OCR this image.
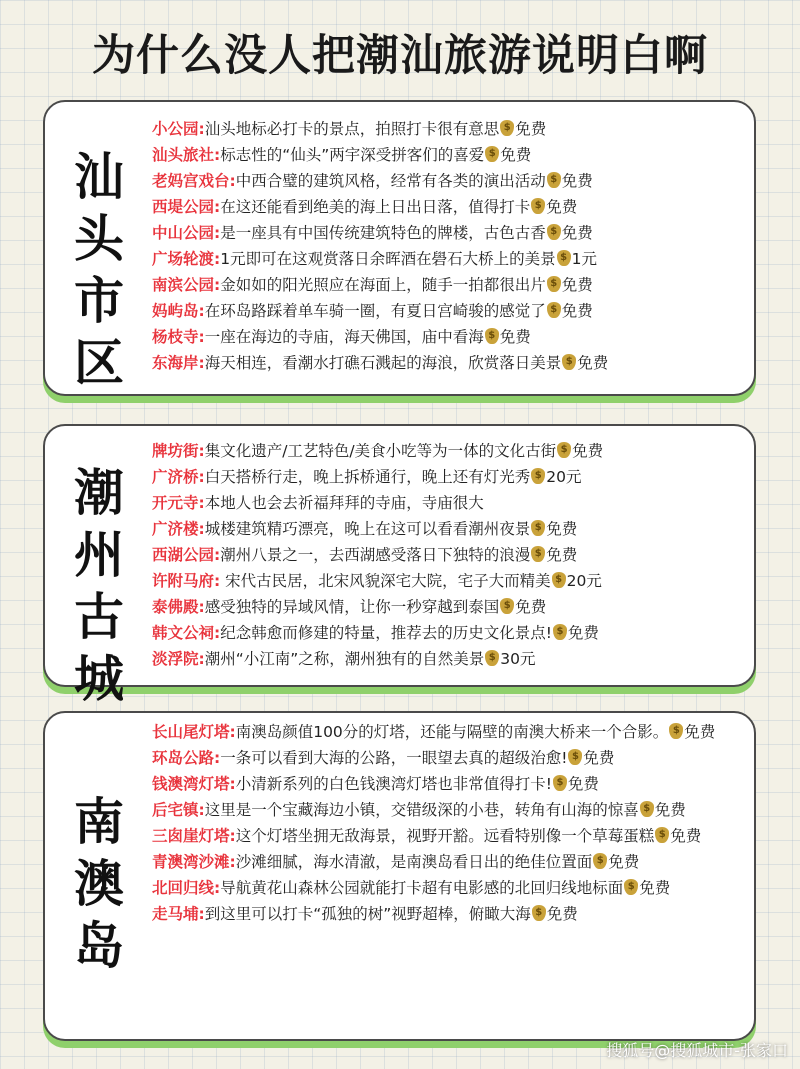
为什么没人把潮汕旅游说明白啊
汕
头
市
区
小公园:汕头地标必打卡的景点，拍照打卡很有意思 $ 免费
汕头旅社:标志性的“仙头”两宇深受拼客们的喜爱 $ 免费
老妈宫戏台:中西合璧的建筑风格，经常有各类的演出活动 $ 免费
西堤公园:在这还能看到绝美的海上日出日落，值得打卡 $ 免费
中山公园:是一座具有中国传统建筑特色的牌楼，古色古香 $ 免费
广场轮渡:1元即可在这观赏落日余晖酒在礐石大桥上的美景 $ 1元
南滨公园:金如如的阳光照应在海面上，随手一拍都很出片 $ 免费
妈屿岛:在环岛路踩着单车骑一圈，有夏日宫崎骏的感觉了 $ 免费
杨枝寺:一座在海边的寺庙，海天佛国，庙中看海 $ 免费
东海岸:海天相连，看潮水打礁石溅起的海浪，欣赏落日美景 $ 免费
潮
州
古
城
牌坊街:集文化遗产/工艺特色/美食小吃等为一体的文化古街 $ 免费
广济桥:白天搭桥行走，晚上拆桥通行，晚上还有灯光秀 $ 20元
开元寺:本地人也会去祈福拜拜的寺庙，寺庙很大
广济楼:城楼建筑精巧漂亮，晚上在这可以看看潮州夜景 $ 免费
西湖公园:潮州八景之一，去西湖感受落日下独特的浪漫 $ 免费
许附马府: 宋代古民居，北宋风貌深宅大院，宅子大而精美 $ 20元
泰佛殿:感受独特的异域风情，让你一秒穿越到泰国 $ 免费
韩文公祠:纪念韩愈而修建的特量，推荐去的历史文化景点! $ 免费
淡浮院:潮州“小江南”之称，潮州独有的自然美景 $ 30元
南
澳
岛
长山尾灯塔:南澳岛颜值100分的灯塔，还能与隔壁的南澳大桥来一个合影。 $ 免费
环岛公路:一条可以看到大海的公路，一眼望去真的超级治愈! $ 免费
钱澳湾灯塔:小清新系列的白色钱澳湾灯塔也非常值得打卡! $ 免费
后宅镇:这里是一个宝藏海边小镇，交错级深的小巷，转角有山海的惊喜 $ 免费
三囱崖灯塔:这个灯塔坐拥无敌海景，视野开豁。远看特别像一个草莓蛋糕 $ 免费
青澳湾沙滩:沙滩细腻，海水清澈，是南澳岛看日出的绝佳位置面 $ 免费
北回归线:导航黄花山森林公园就能打卡超有电影感的北回归线地标面 $ 免费
走马埔:到这里可以打卡“孤独的树”视野超棒，俯瞰大海 $ 免费
搜狐号@搜狐城市-张家口
